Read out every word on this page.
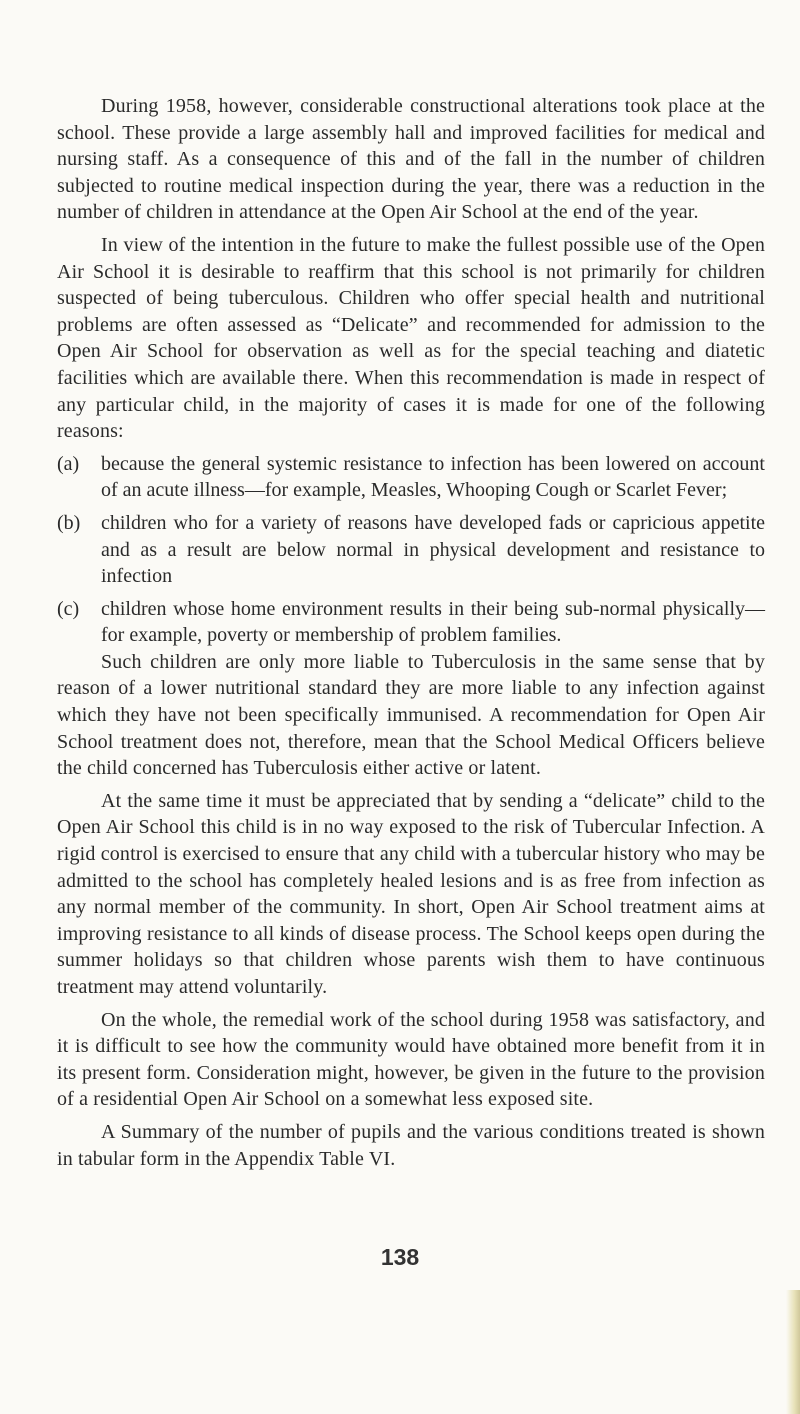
During 1958, however, considerable constructional alterations took place at the school. These provide a large assembly hall and improved facilities for medical and nursing staff. As a consequence of this and of the fall in the number of children subjected to routine medical inspection during the year, there was a reduction in the number of children in attendance at the Open Air School at the end of the year.

In view of the intention in the future to make the fullest possible use of the Open Air School it is desirable to reaffirm that this school is not primarily for children suspected of being tuberculous. Children who offer special health and nutritional problems are often assessed as “Delicate” and recommended for admission to the Open Air School for observation as well as for the special teaching and diatetic facilities which are available there. When this recommendation is made in respect of any particular child, in the majority of cases it is made for one of the following reasons:

(a)	because the general systemic resistance to infection has been lowered on account of an acute illness—for example, Measles, Whooping Cough or Scarlet Fever;
(b)	children who for a variety of reasons have developed fads or capricious appetite and as a result are below normal in physical development and resistance to infection
(c)	children whose home environment results in their being sub-normal physically—for example, poverty or membership of problem families.

Such children are only more liable to Tuberculosis in the same sense that by reason of a lower nutritional standard they are more liable to any infection against which they have not been specifically immunised. A recommendation for Open Air School treatment does not, therefore, mean that the School Medical Officers believe the child concerned has Tuberculosis either active or latent.

At the same time it must be appreciated that by sending a “delicate” child to the Open Air School this child is in no way exposed to the risk of Tubercular Infection. A rigid control is exercised to ensure that any child with a tubercular history who may be admitted to the school has completely healed lesions and is as free from infection as any normal member of the community. In short, Open Air School treatment aims at improving resistance to all kinds of disease process. The School keeps open during the summer holidays so that children whose parents wish them to have continuous treatment may attend voluntarily.

On the whole, the remedial work of the school during 1958 was satisfactory, and it is difficult to see how the community would have obtained more benefit from it in its present form. Consideration might, however, be given in the future to the provision of a residential Open Air School on a somewhat less exposed site.

A Summary of the number of pupils and the various conditions treated is shown in tabular form in the Appendix Table VI.

138
